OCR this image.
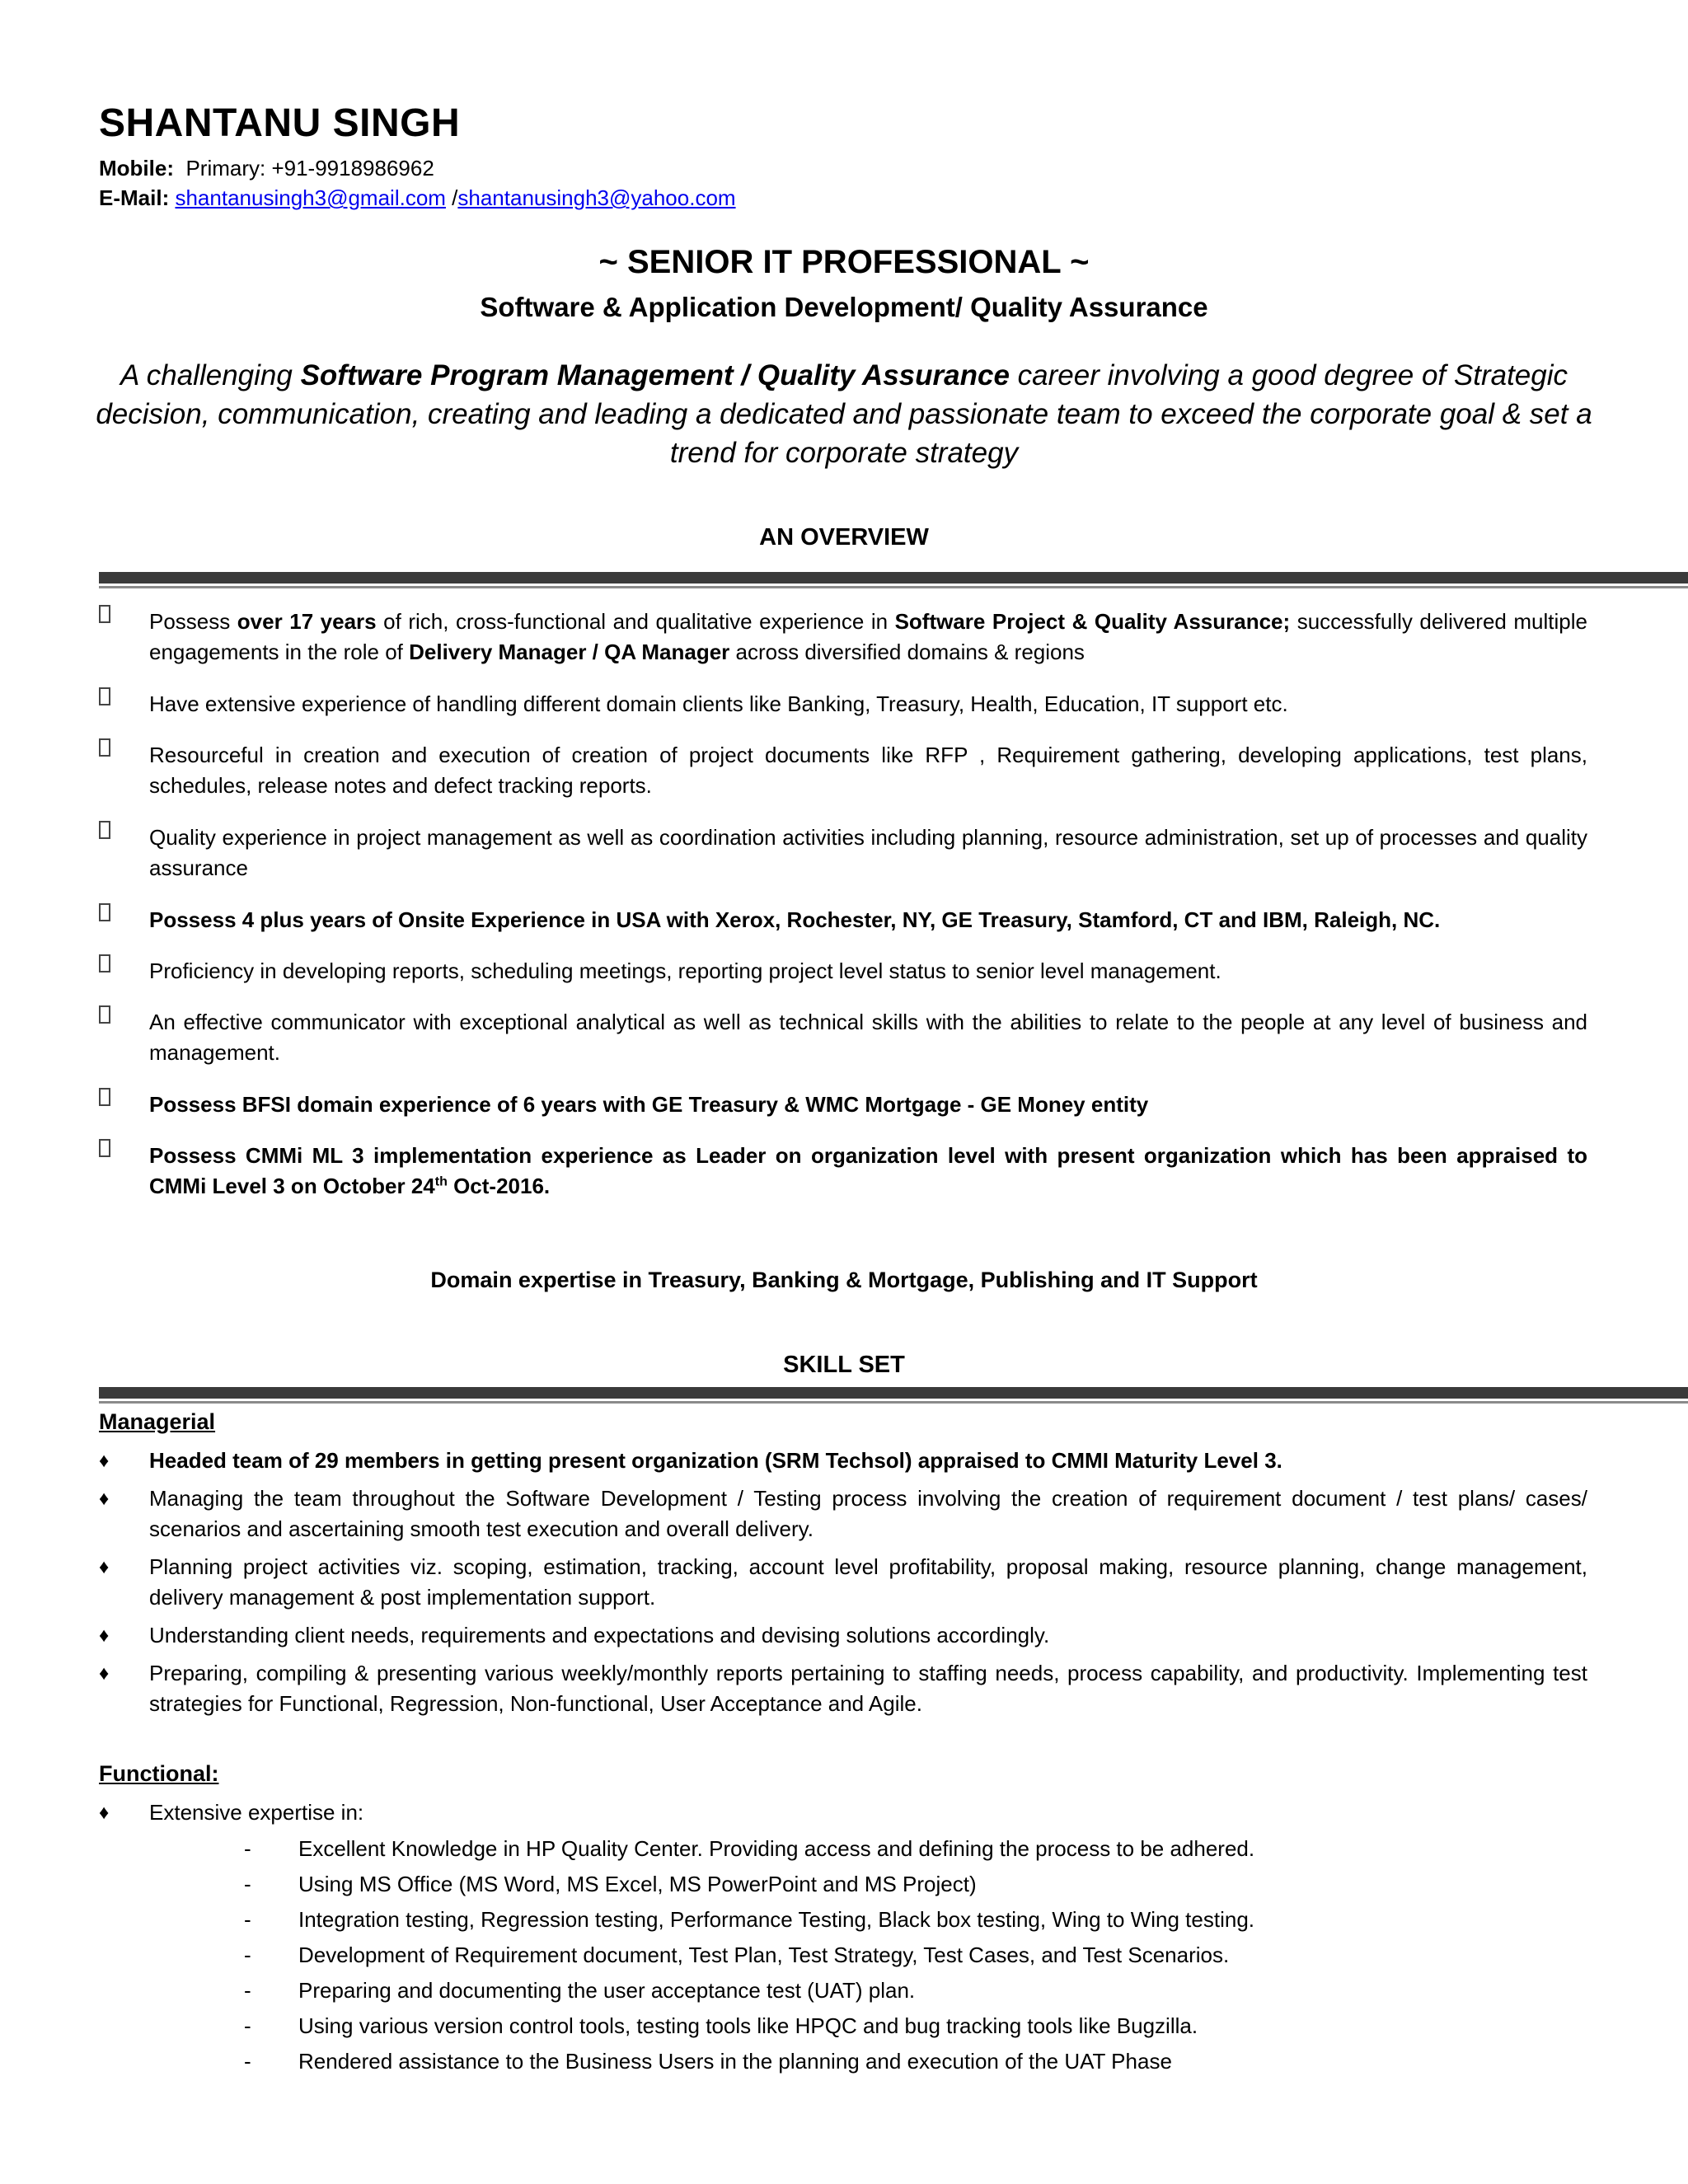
SHANTANU SINGH
Mobile: Primary: +91-9918986962
E-Mail: shantanusingh3@gmail.com /shantanusingh3@yahoo.com
~ SENIOR IT PROFESSIONAL ~
Software & Application Development/ Quality Assurance
A challenging Software Program Management / Quality Assurance career involving a good degree of Strategic decision, communication, creating and leading a dedicated and passionate team to exceed the corporate goal & set a trend for corporate strategy
AN OVERVIEW
Possess over 17 years of rich, cross-functional and qualitative experience in Software Project & Quality Assurance; successfully delivered multiple engagements in the role of Delivery Manager / QA Manager across diversified domains & regions
Have extensive experience of handling different domain clients like Banking, Treasury, Health, Education, IT support etc.
Resourceful in creation and execution of creation of project documents like RFP , Requirement gathering, developing applications, test plans, schedules, release notes and defect tracking reports.
Quality experience in project management as well as coordination activities including planning, resource administration, set up of processes and quality assurance
Possess 4 plus years of Onsite Experience in USA with Xerox, Rochester, NY, GE Treasury, Stamford, CT and IBM, Raleigh, NC.
Proficiency in developing reports, scheduling meetings, reporting project level status to senior level management.
An effective communicator with exceptional analytical as well as technical skills with the abilities to relate to the people at any level of business and management.
Possess BFSI domain experience of 6 years with GE Treasury & WMC Mortgage - GE Money entity
Possess CMMi ML 3 implementation experience as Leader on organization level with present organization which has been appraised to CMMi Level 3 on October 24th Oct-2016.
Domain expertise in Treasury, Banking & Mortgage, Publishing and IT Support
SKILL SET
Managerial
♦ Headed team of 29 members in getting present organization (SRM Techsol) appraised to CMMI Maturity Level 3.
♦ Managing the team throughout the Software Development / Testing process involving the creation of requirement document / test plans/ cases/ scenarios and ascertaining smooth test execution and overall delivery.
♦ Planning project activities viz. scoping, estimation, tracking, account level profitability, proposal making, resource planning, change management, delivery management & post implementation support.
♦ Understanding client needs, requirements and expectations and devising solutions accordingly.
♦ Preparing, compiling & presenting various weekly/monthly reports pertaining to staffing needs, process capability, and productivity. Implementing test strategies for Functional, Regression, Non-functional, User Acceptance and Agile.
Functional:
♦ Extensive expertise in:
- Excellent Knowledge in HP Quality Center. Providing access and defining the process to be adhered.
- Using MS Office (MS Word, MS Excel, MS PowerPoint and MS Project)
- Integration testing, Regression testing, Performance Testing, Black box testing, Wing to Wing testing.
- Development of Requirement document, Test Plan, Test Strategy, Test Cases, and Test Scenarios.
- Preparing and documenting the user acceptance test (UAT) plan.
- Using various version control tools, testing tools like HPQC and bug tracking tools like Bugzilla.
- Rendered assistance to the Business Users in the planning and execution of the UAT Phase
